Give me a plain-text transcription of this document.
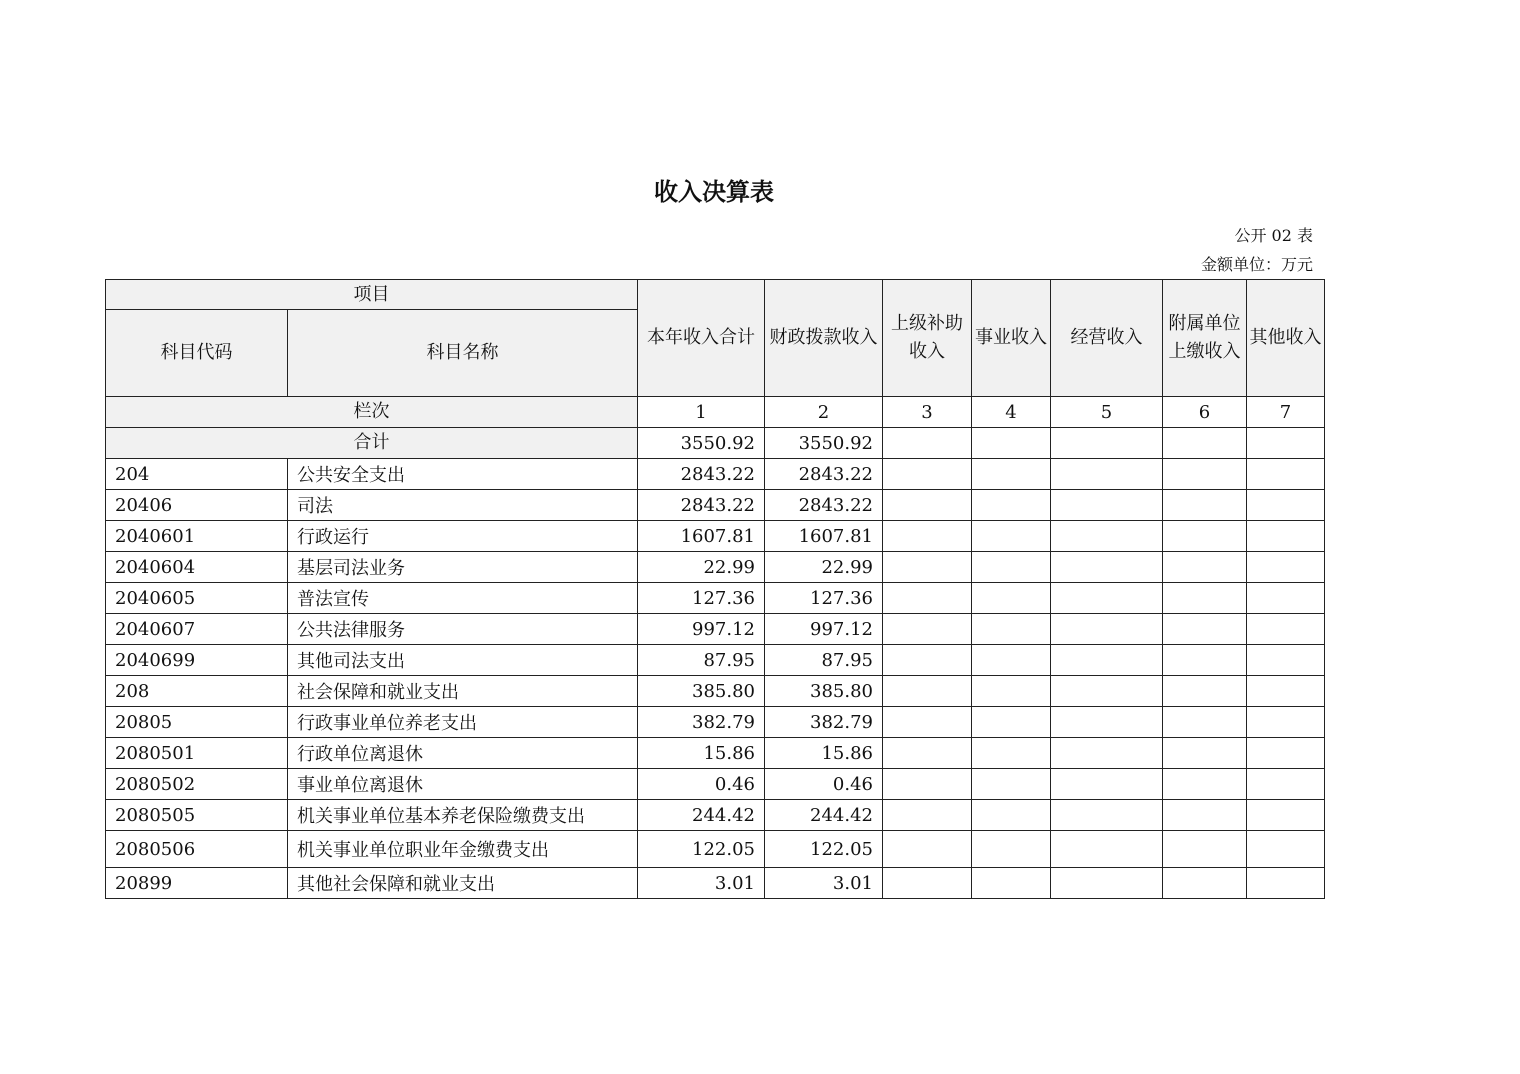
收入决算表
公开 02 表
金额单位：万元
项目		本年收入合计	财政拨款收入	上级补助收入	事业收入	经营收入	附属单位上缴收入	其他收入
科目代码	科目名称							
栏次		1	2	3	4	5	6	7
合计		3550.92	3550.92					
204	公共安全支出	2843.22	2843.22					
20406	司法	2843.22	2843.22					
2040601	行政运行	1607.81	1607.81					
2040604	基层司法业务	22.99	22.99					
2040605	普法宣传	127.36	127.36					
2040607	公共法律服务	997.12	997.12					
2040699	其他司法支出	87.95	87.95					
208	社会保障和就业支出	385.80	385.80					
20805	行政事业单位养老支出	382.79	382.79					
2080501	行政单位离退休	15.86	15.86					
2080502	事业单位离退休	0.46	0.46					
2080505	机关事业单位基本养老保险缴费支出	244.42	244.42					
2080506	机关事业单位职业年金缴费支出	122.05	122.05					
20899	其他社会保障和就业支出	3.01	3.01					
